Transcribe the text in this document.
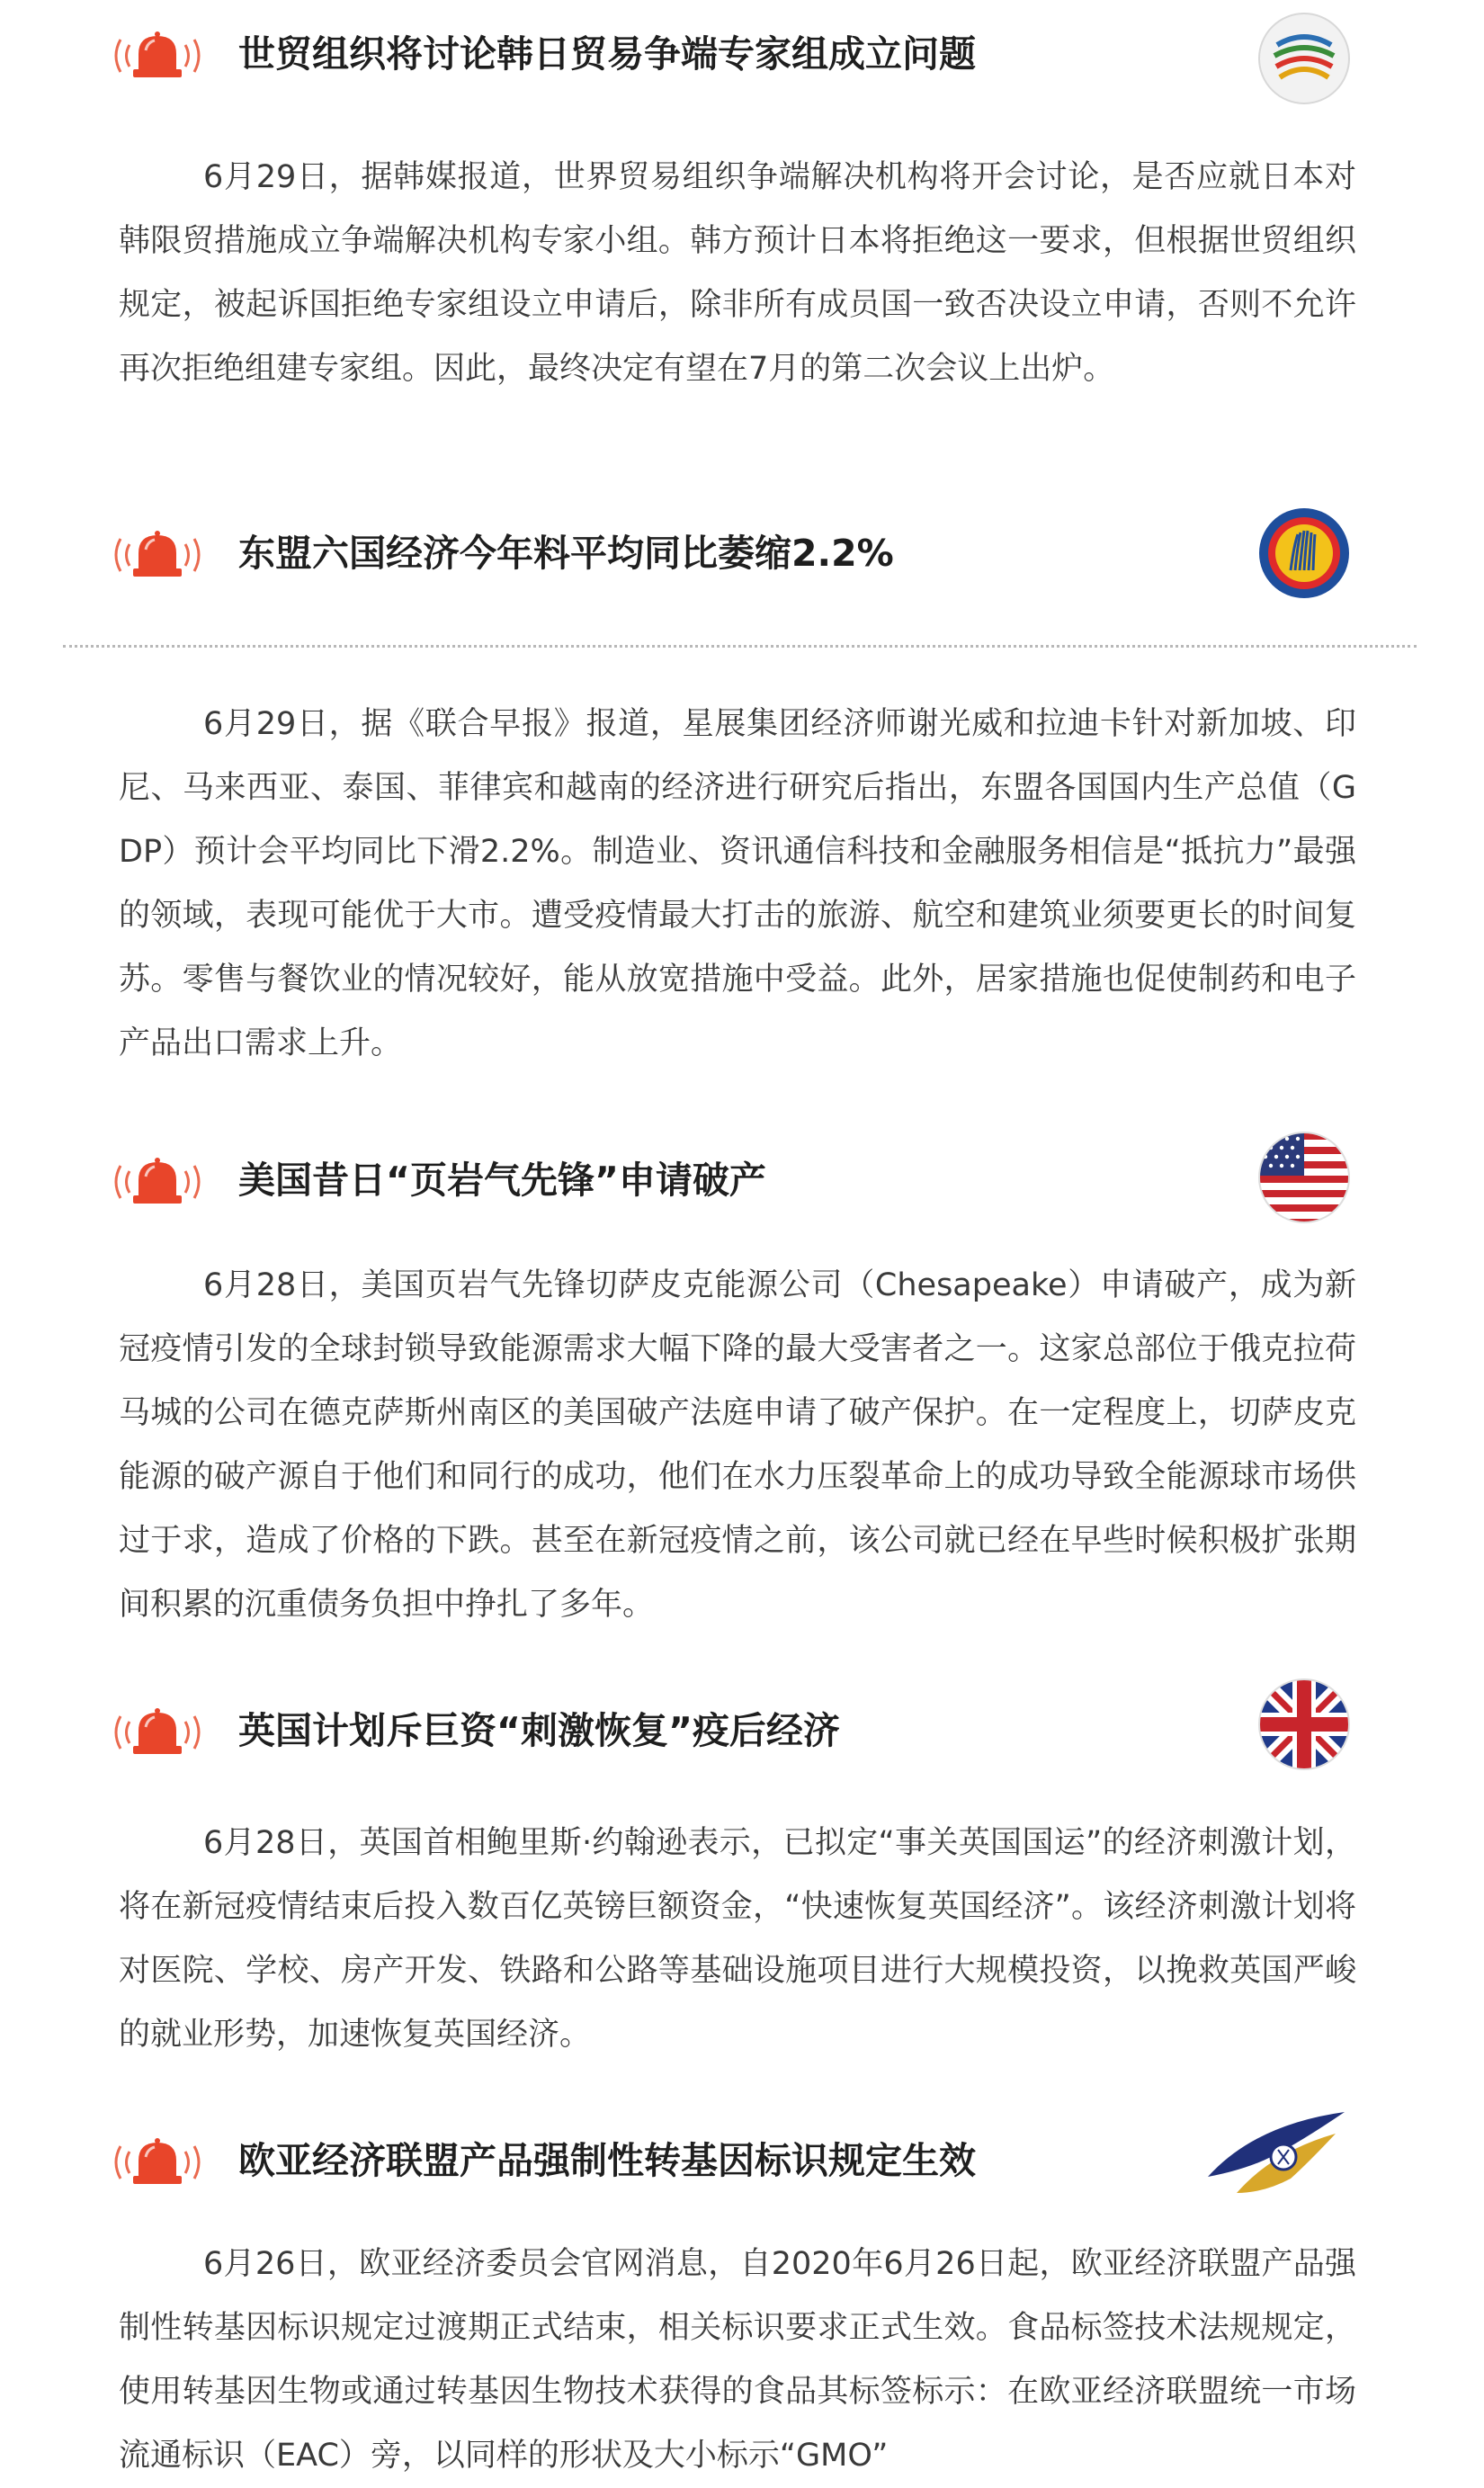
世贸组织将讨论韩日贸易争端专家组成立问题

6月29日，据韩媒报道，世界贸易组织争端解决机构将开会讨论，是否应就日本对韩限贸措施成立争端解决机构专家小组。韩方预计日本将拒绝这一要求，但根据世贸组织规定，被起诉国拒绝专家组设立申请后，除非所有成员国一致否决设立申请，否则不允许再次拒绝组建专家组。因此，最终决定有望在7月的第二次会议上出炉。

东盟六国经济今年料平均同比萎缩2.2%

6月29日，据《联合早报》报道，星展集团经济师谢光威和拉迪卡针对新加坡、印尼、马来西亚、泰国、菲律宾和越南的经济进行研究后指出，东盟各国国内生产总值（GDP）预计会平均同比下滑2.2%。制造业、资讯通信科技和金融服务相信是“抵抗力”最强的领域，表现可能优于大市。遭受疫情最大打击的旅游、航空和建筑业须要更长的时间复苏。零售与餐饮业的情况较好，能从放宽措施中受益。此外，居家措施也促使制药和电子产品出口需求上升。

美国昔日“页岩气先锋”申请破产

6月28日，美国页岩气先锋切萨皮克能源公司（Chesapeake）申请破产，成为新冠疫情引发的全球封锁导致能源需求大幅下降的最大受害者之一。这家总部位于俄克拉荷马城的公司在德克萨斯州南区的美国破产法庭申请了破产保护。在一定程度上，切萨皮克能源的破产源自于他们和同行的成功，他们在水力压裂革命上的成功导致全能源球市场供过于求，造成了价格的下跌。甚至在新冠疫情之前，该公司就已经在早些时候积极扩张期间积累的沉重债务负担中挣扎了多年。

英国计划斥巨资“刺激恢复”疫后经济

6月28日，英国首相鲍里斯·约翰逊表示，已拟定“事关英国国运”的经济刺激计划，将在新冠疫情结束后投入数百亿英镑巨额资金，“快速恢复英国经济”。该经济刺激计划将对医院、学校、房产开发、铁路和公路等基础设施项目进行大规模投资，以挽救英国严峻的就业形势，加速恢复英国经济。

欧亚经济联盟产品强制性转基因标识规定生效

6月26日，欧亚经济委员会官网消息，自2020年6月26日起，欧亚经济联盟产品强制性转基因标识规定过渡期正式结束，相关标识要求正式生效。食品标签技术法规规定，使用转基因生物或通过转基因生物技术获得的食品其标签标示：在欧亚经济联盟统一市场流通标识（EAC）旁，以同样的形状及大小标示“GMO”
